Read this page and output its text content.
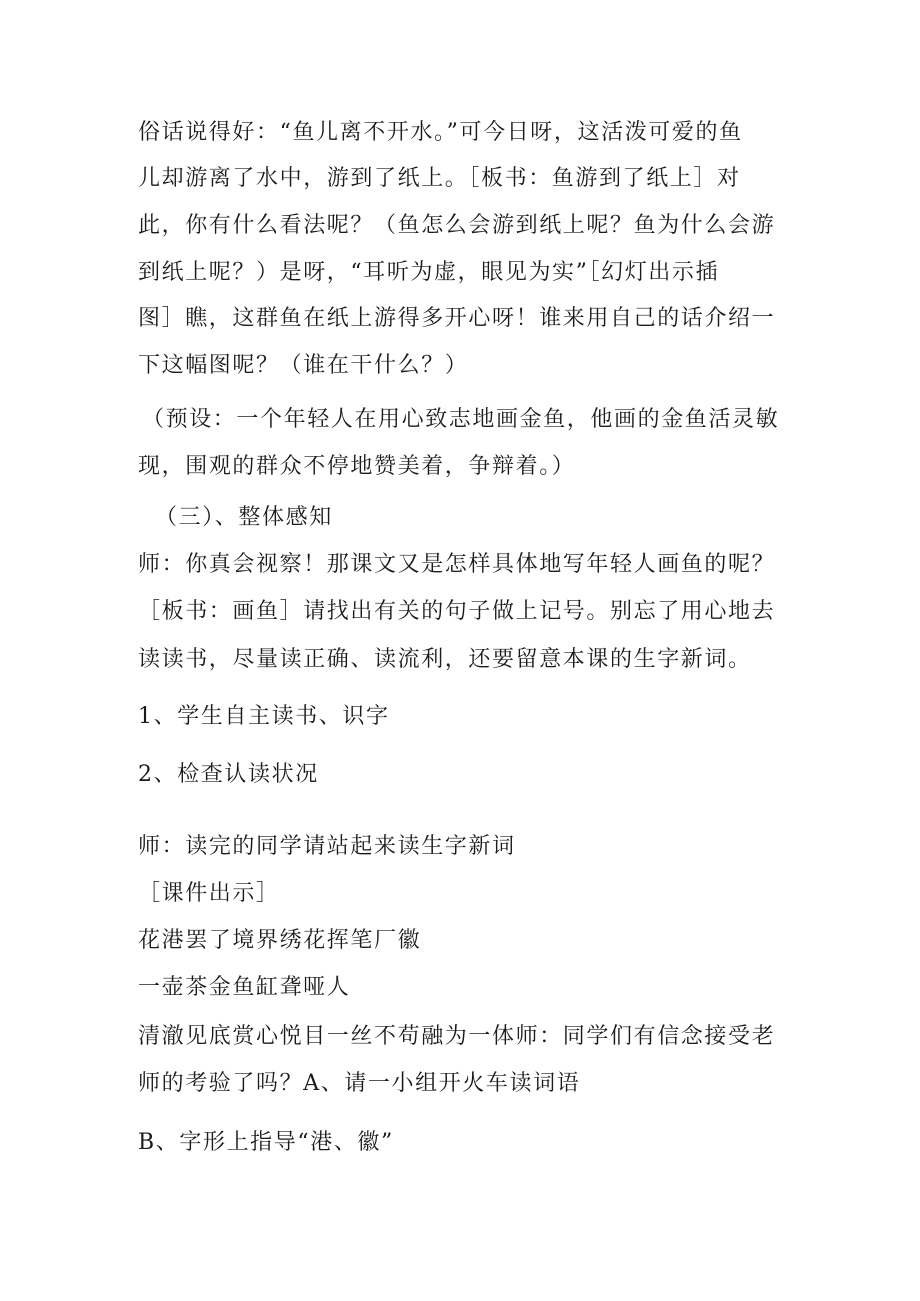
俗话说得好：“鱼儿离不开水。”可今日呀，这活泼可爱的鱼
儿却游离了水中，游到了纸上。［板书：鱼游到了纸上］对
此，你有什么看法呢？（鱼怎么会游到纸上呢？鱼为什么会游
到纸上呢？）是呀，“耳听为虚，眼见为实”［幻灯出示插
图］瞧，这群鱼在纸上游得多开心呀！谁来用自己的话介绍一
下这幅图呢？（谁在干什么？）
（预设：一个年轻人在用心致志地画金鱼，他画的金鱼活灵敏
现，围观的群众不停地赞美着，争辩着。）
（三）、整体感知
师：你真会视察！那课文又是怎样具体地写年轻人画鱼的呢？
［板书：画鱼］请找出有关的句子做上记号。别忘了用心地去
读读书，尽量读正确、读流利，还要留意本课的生字新词。
1、学生自主读书、识字
2、检查认读状况
师：读完的同学请站起来读生字新词
［课件出示］
花港罢了境界绣花挥笔厂徽
一壶茶金鱼缸聋哑人
清澈见底赏心悦目一丝不苟融为一体师：同学们有信念接受老
师的考验了吗？A、请一小组开火车读词语
B、字形上指导“港、徽”
